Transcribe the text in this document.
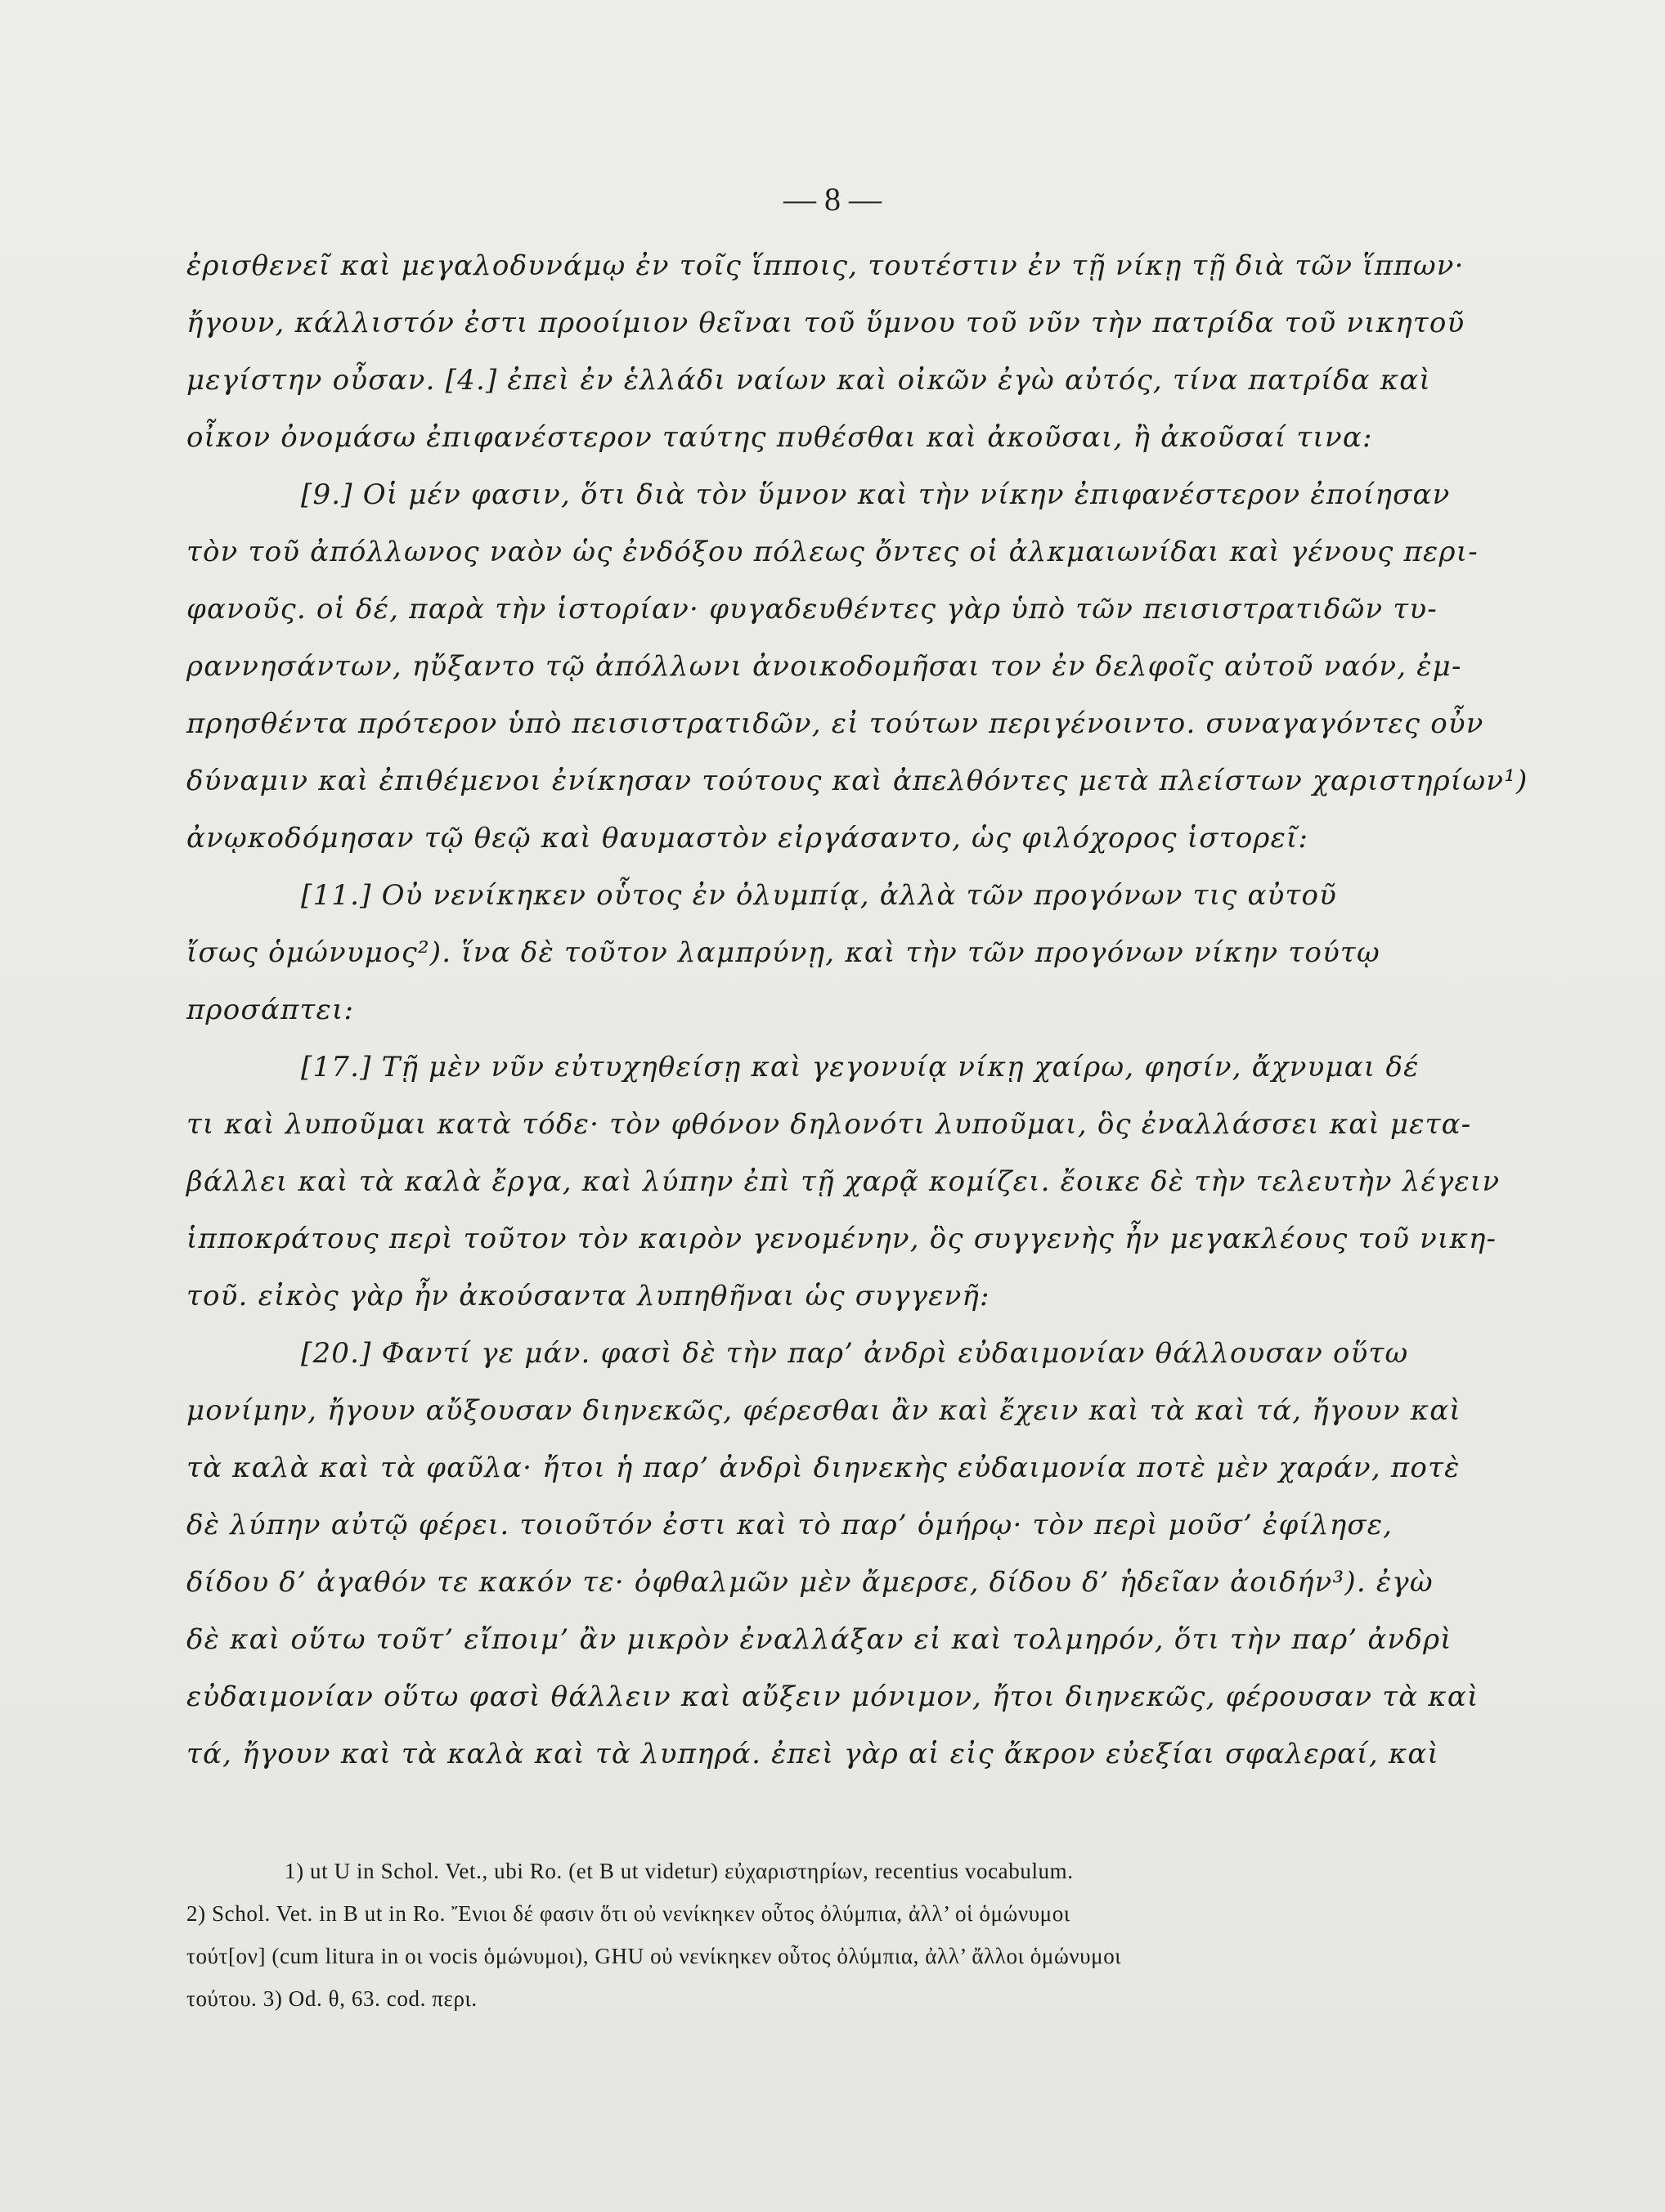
— 8 —
ἐρισθενεῖ καὶ μεγαλοδυνάμῳ ἐν τοῖς ἵπποις, τουτέστιν ἐν τῇ νίκῃ τῇ διὰ τῶν ἵππων·
ἤγουν, κάλλιστόν ἐστι προοίμιον θεῖναι τοῦ ὕμνου τοῦ νῦν τὴν πατρίδα τοῦ νικητοῦ
μεγίστην οὖσαν. [4.] ἐπεὶ ἐν ἑλλάδι ναίων καὶ οἰκῶν ἐγὼ αὐτός, τίνα πατρίδα καὶ
οἶκον ὀνομάσω ἐπιφανέστερον ταύτης πυθέσθαι καὶ ἀκοῦσαι, ἢ ἀκοῦσαί τινα:
[9.] Οἱ μέν φασιν, ὅτι διὰ τὸν ὕμνον καὶ τὴν νίκην ἐπιφανέστερον ἐποίησαν
τὸν τοῦ ἀπόλλωνος ναὸν ὡς ἐνδόξου πόλεως ὄντες οἱ ἀλκμαιωνίδαι καὶ γένους περι-
φανοῦς. οἱ δέ, παρὰ τὴν ἱστορίαν· φυγαδευθέντες γὰρ ὑπὸ τῶν πεισιστρατιδῶν τυ-
ραννησάντων, ηὔξαντο τῷ ἀπόλλωνι ἀνοικοδομῆσαι τον ἐν δελφοῖς αὐτοῦ ναόν, ἐμ-
πρησθέντα πρότερον ὑπὸ πεισιστρατιδῶν, εἰ τούτων περιγένοιντο. συναγαγόντες οὖν
δύναμιν καὶ ἐπιθέμενοι ἐνίκησαν τούτους καὶ ἀπελθόντες μετὰ πλείστων χαριστηρίων¹)
ἀνῳκοδόμησαν τῷ θεῷ καὶ θαυμαστὸν εἰργάσαντο, ὡς φιλόχορος ἱστορεῖ:
[11.] Οὐ νενίκηκεν οὗτος ἐν ὀλυμπίᾳ, ἀλλὰ τῶν προγόνων τις αὐτοῦ
ἴσως ὁμώνυμος²). ἵνα δὲ τοῦτον λαμπρύνῃ, καὶ τὴν τῶν προγόνων νίκην τούτῳ
προσάπτει:
[17.] Τῇ μὲν νῦν εὐτυχηθείσῃ καὶ γεγονυίᾳ νίκῃ χαίρω, φησίν, ἄχνυμαι δέ
τι καὶ λυποῦμαι κατὰ τόδε· τὸν φθόνον δηλονότι λυποῦμαι, ὃς ἐναλλάσσει καὶ μετα-
βάλλει καὶ τὰ καλὰ ἔργα, καὶ λύπην ἐπὶ τῇ χαρᾷ κομίζει. ἔοικε δὲ τὴν τελευτὴν λέγειν
ἱπποκράτους περὶ τοῦτον τὸν καιρὸν γενομένην, ὃς συγγενὴς ἦν μεγακλέους τοῦ νικη-
τοῦ. εἰκὸς γὰρ ἦν ἀκούσαντα λυπηθῆναι ὡς συγγενῆ:
[20.] Φαντί γε μάν. φασὶ δὲ τὴν παρ’ ἀνδρὶ εὐδαιμονίαν θάλλουσαν οὕτω
μονίμην, ἤγουν αὔξουσαν διηνεκῶς, φέρεσθαι ἂν καὶ ἔχειν καὶ τὰ καὶ τά, ἤγουν καὶ
τὰ καλὰ καὶ τὰ φαῦλα· ἤτοι ἡ παρ’ ἀνδρὶ διηνεκὴς εὐδαιμονία ποτὲ μὲν χαράν, ποτὲ
δὲ λύπην αὐτῷ φέρει. τοιοῦτόν ἐστι καὶ τὸ παρ’ ὁμήρῳ· τὸν περὶ μοῦσ’ ἐφίλησε,
δίδου δ’ ἀγαθόν τε κακόν τε· ὀφθαλμῶν μὲν ἄμερσε, δίδου δ’ ἡδεῖαν ἀοιδήν³). ἐγὼ
δὲ καὶ οὕτω τοῦτ’ εἴποιμ’ ἂν μικρὸν ἐναλλάξαν εἰ καὶ τολμηρόν, ὅτι τὴν παρ’ ἀνδρὶ
εὐδαιμονίαν οὕτω φασὶ θάλλειν καὶ αὔξειν μόνιμον, ἤτοι διηνεκῶς, φέρουσαν τὰ καὶ
τά, ἤγουν καὶ τὰ καλὰ καὶ τὰ λυπηρά. ἐπεὶ γὰρ αἱ εἰς ἄκρον εὐεξίαι σφαλεραί, καὶ
1) ut U in Schol. Vet., ubi Ro. (et B ut videtur) εὐχαριστηρίων, recentius vocabulum.
2) Schol. Vet. in B ut in Ro. Ἔνιοι δέ φασιν ὅτι οὐ νενίκηκεν οὗτος ὀλύμπια, ἀλλ’ οἱ ὁμώνυμοι
τούτ[ον] (cum litura in οι vocis ὁμώνυμοι), GHU οὐ νενίκηκεν οὗτος ὀλύμπια, ἀλλ’ ἄλλοι ὁμώνυμοι
τούτου. 3) Od. θ, 63. cod. περι.
